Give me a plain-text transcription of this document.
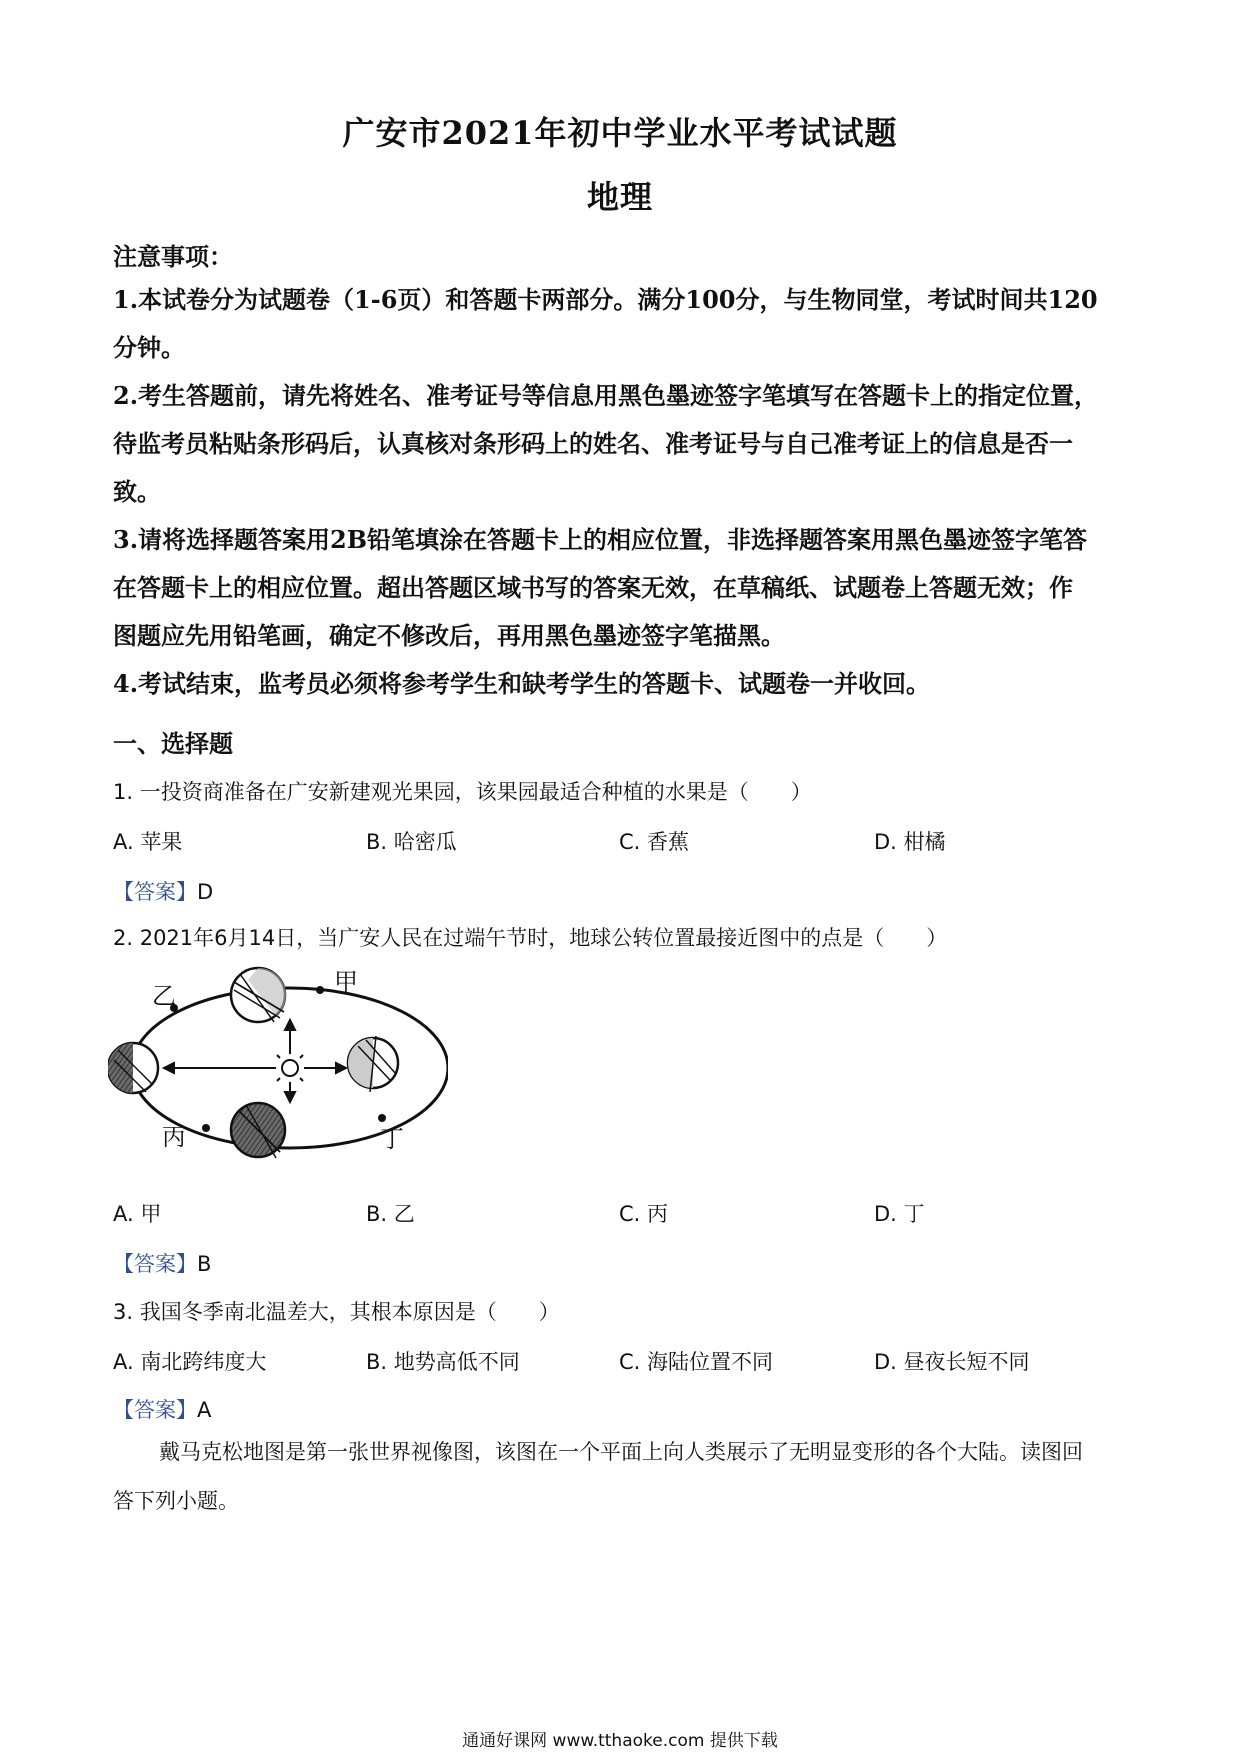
广安市2021年初中学业水平考试试题
地理
注意事项：
1.本试卷分为试题卷（1-6页）和答题卡两部分。满分100分，与生物同堂，考试时间共120
分钟。
2.考生答题前，请先将姓名、准考证号等信息用黑色墨迹签字笔填写在答题卡上的指定位置，
待监考员粘贴条形码后，认真核对条形码上的姓名、准考证号与自己准考证上的信息是否一
致。
3.请将选择题答案用2B铅笔填涂在答题卡上的相应位置，非选择题答案用黑色墨迹签字笔答
在答题卡上的相应位置。超出答题区域书写的答案无效，在草稿纸、试题卷上答题无效；作
图题应先用铅笔画，确定不修改后，再用黑色墨迹签字笔描黑。
4.考试结束，监考员必须将参考学生和缺考学生的答题卡、试题卷一并收回。
一、选择题
1. 一投资商准备在广安新建观光果园，该果园最适合种植的水果是（　　）
A. 苹果	B. 哈密瓜	C. 香蕉	D. 柑橘
【答案】D
2. 2021年6月14日，当广安人民在过端午节时，地球公转位置最接近图中的点是（　　）
甲
乙
丙	丁
A. 甲	B. 乙	C. 丙	D. 丁
【答案】B
3. 我国冬季南北温差大，其根本原因是（　　）
A. 南北跨纬度大	B. 地势高低不同	C. 海陆位置不同	D. 昼夜长短不同
【答案】A
戴马克松地图是第一张世界视像图，该图在一个平面上向人类展示了无明显变形的各个大陆。读图回
答下列小题。
通通好课网 www.tthaoke.com 提供下载
